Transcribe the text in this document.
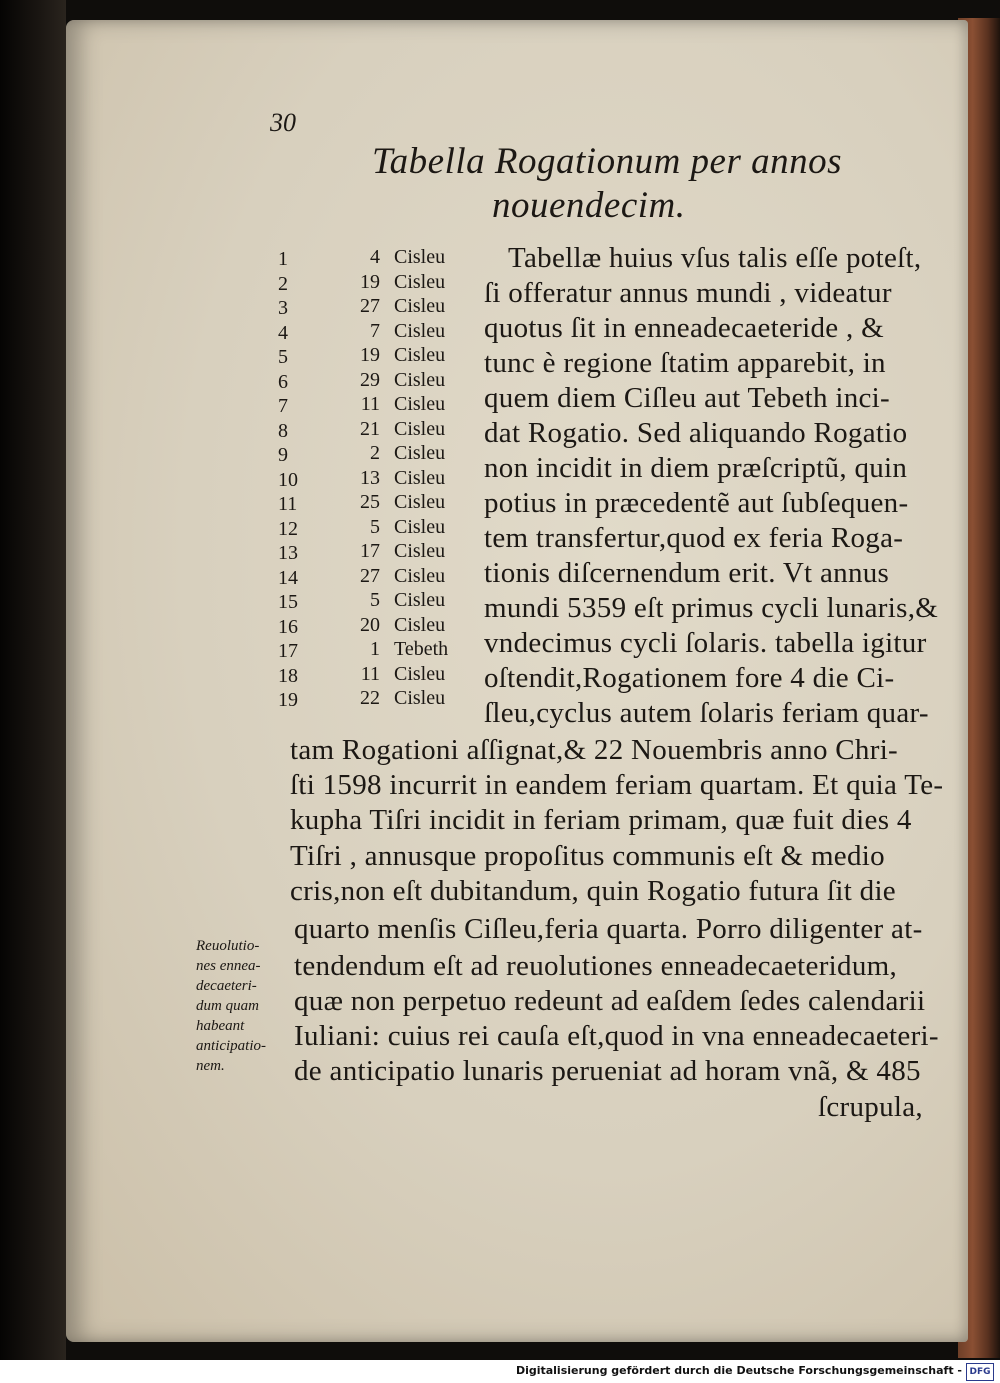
30
Tabella Rogationum per annos
nouendecim.
1	4 Cisleu
2	19 Cisleu
3	27 Cisleu
4	7 Cisleu
5	19 Cisleu
6	29 Cisleu
7	11 Cisleu
8	21 Cisleu
9	2 Cisleu
10	13 Cisleu
11	25 Cisleu
12	5 Cisleu
13	17 Cisleu
14	27 Cisleu
15	5 Cisleu
16	20 Cisleu
17	1 Tebeth
18	11 Cisleu
19	22 Cisleu
Tabellæ huius vſus talis eſſe poteſt,
ſi offeratur annus mundi , videatur
quotus ſit in enneadecaeteride , &
tunc è regione ſtatim apparebit, in
quem diem Ciſleu aut Tebeth inci-
dat Rogatio. Sed aliquando Rogatio
non incidit in diem præſcriptũ, quin
potius in præcedentẽ aut ſubſequen-
tem transfertur,quod ex feria Roga-
tionis diſcernendum erit. Vt annus
mundi 5359 eſt primus cycli lunaris,&
vndecimus cycli ſolaris. tabella igitur
oſtendit,Rogationem fore 4 die Ci-
ſleu,cyclus autem ſolaris feriam quar-
tam Rogationi aſſignat,& 22 Nouembris anno Chri-
ſti 1598 incurrit in eandem feriam quartam. Et quia Te-
kupha Tiſri incidit in feriam primam, quæ fuit dies 4
Tiſri , annusque propoſitus communis eſt & medio
cris,non eſt dubitandum, quin Rogatio futura ſit die
quarto menſis Ciſleu,feria quarta. Porro diligenter at-
tendendum eſt ad reuolutiones enneadecaeteridum,
quæ non perpetuo redeunt ad eaſdem ſedes calendarii
Iuliani: cuius rei cauſa eſt,quod in vna enneadecaeteri-
de anticipatio lunaris perueniat ad horam vnã, & 485
ſcrupula,
Reuolutio-
nes ennea-
decaeteri-
dum quam
habeant
anticipatio-
nem.
Digitalisierung gefördert durch die Deutsche Forschungsgemeinschaft - DFG
